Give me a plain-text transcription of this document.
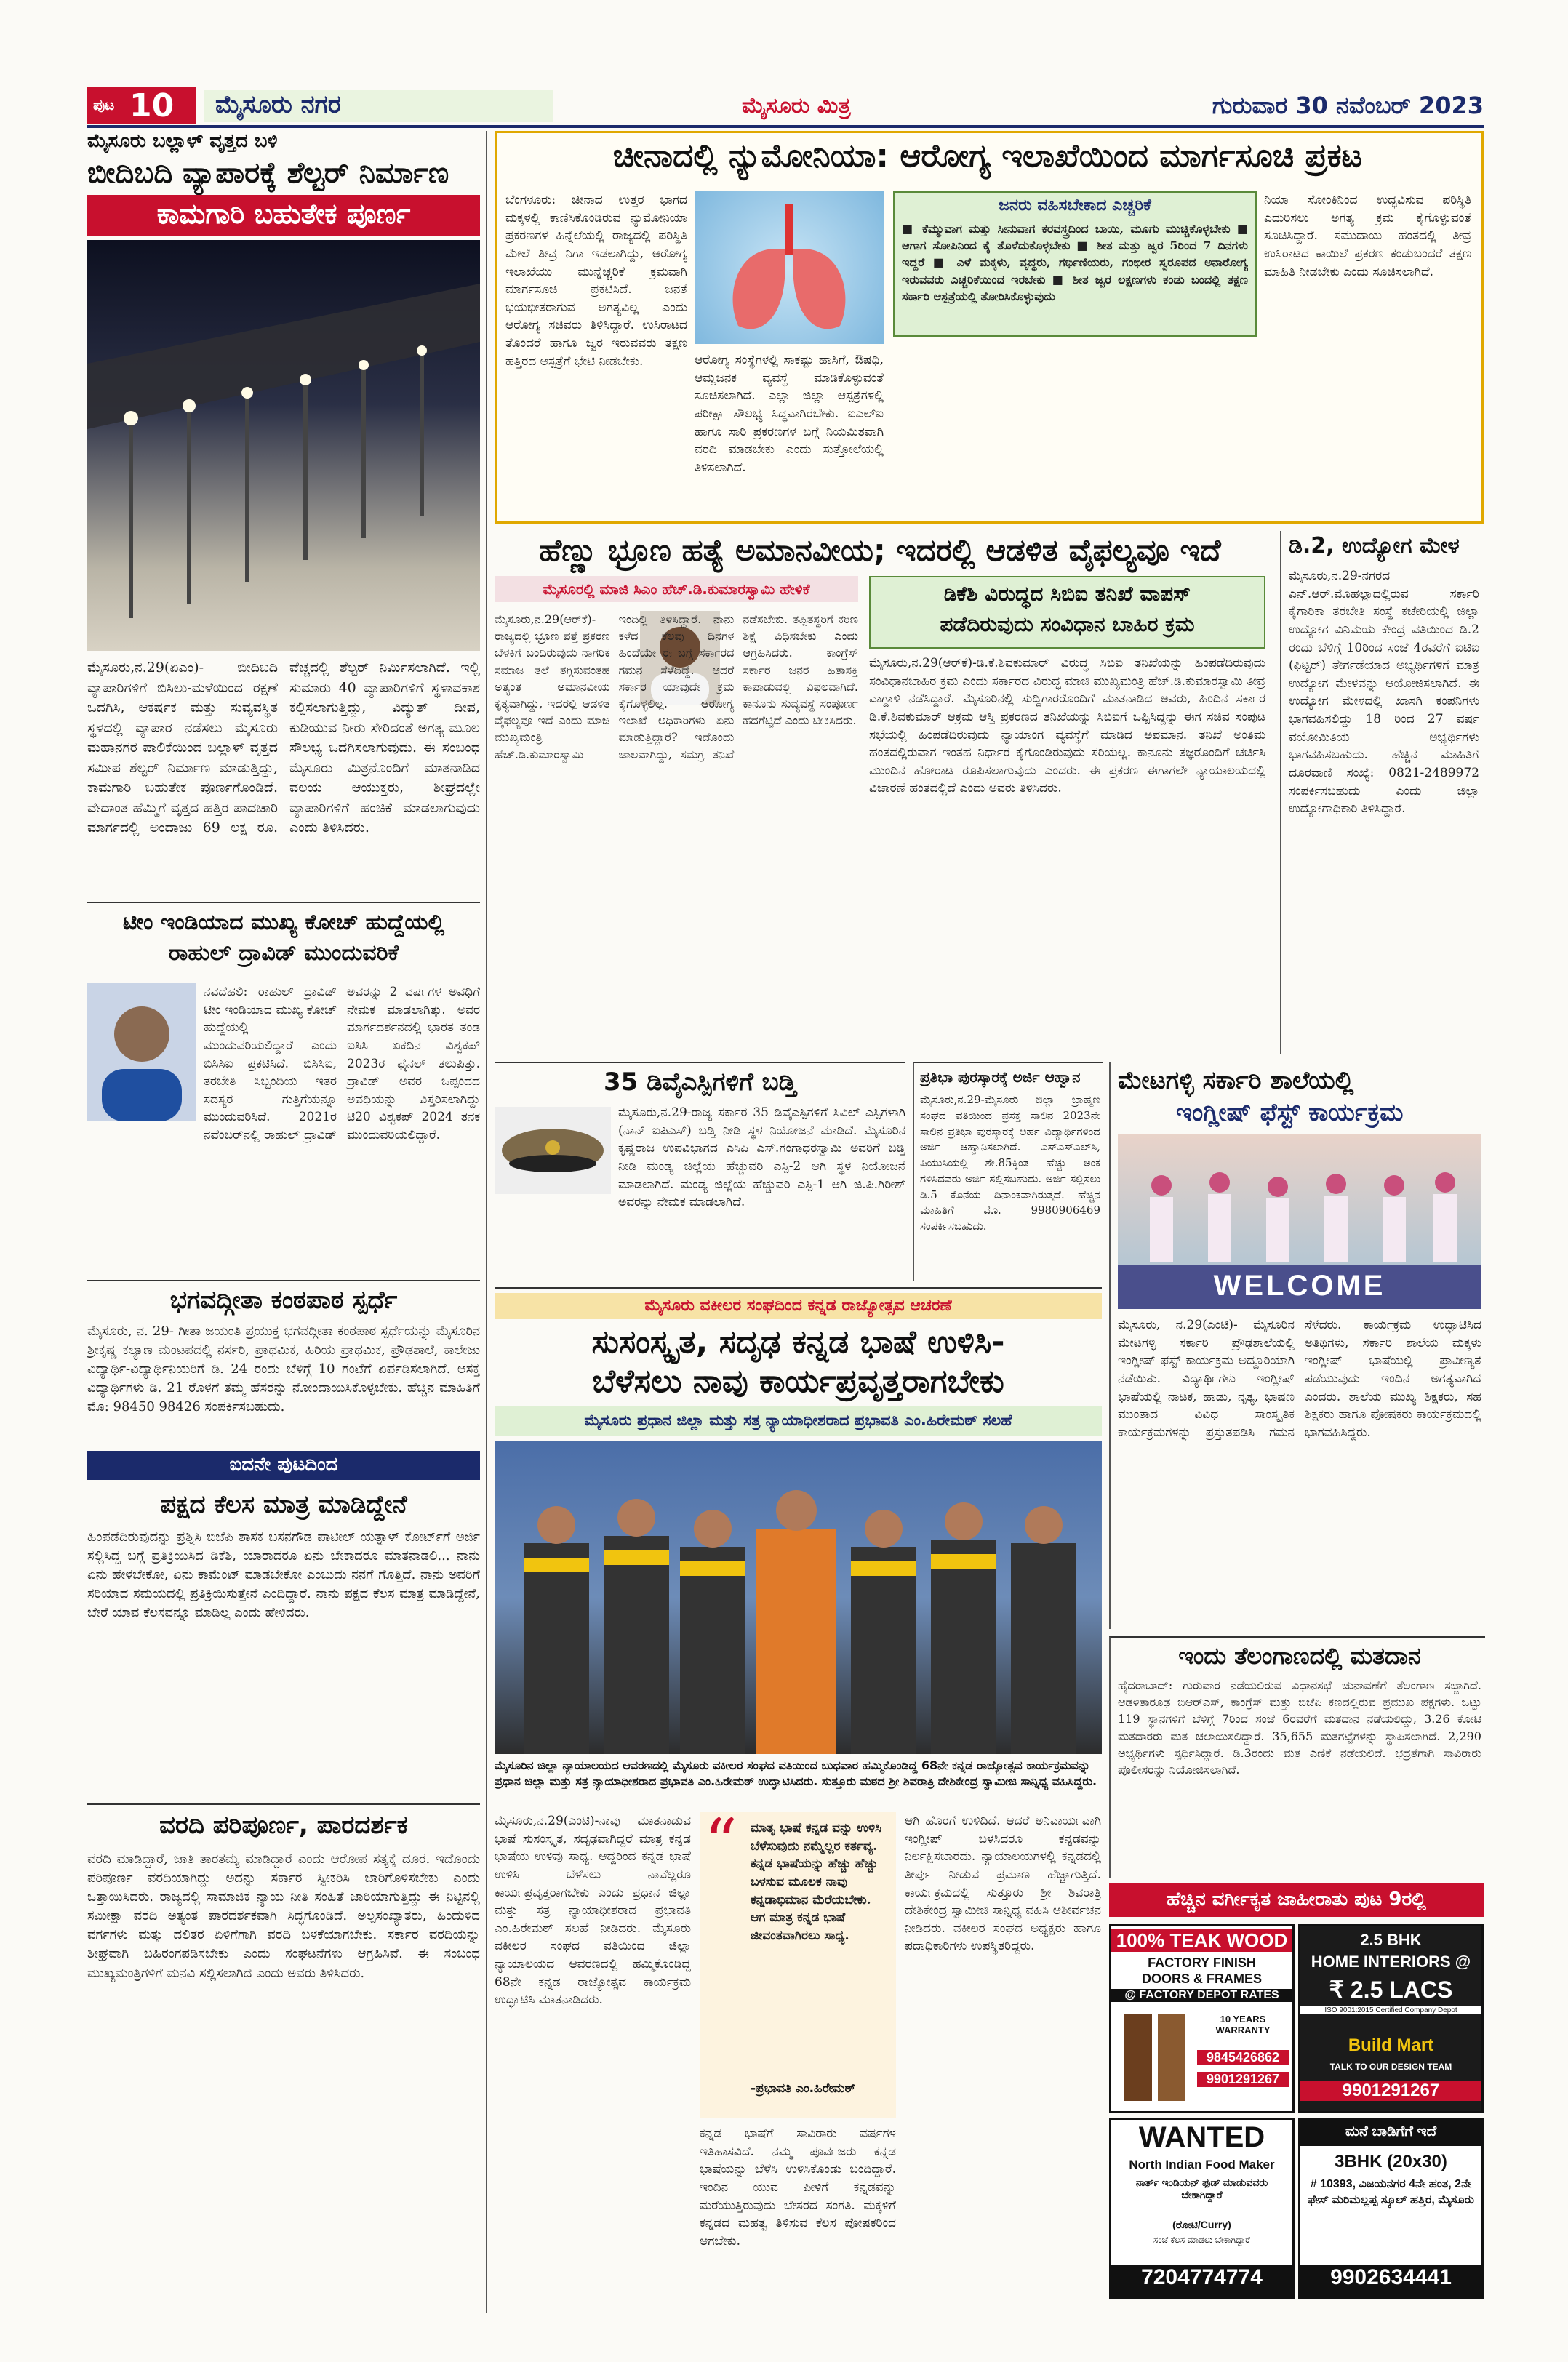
ಪುಟ 10	ಮೈಸೂರು ನಗರ	ಮೈಸೂರು ಮಿತ್ರ	ಗುರುವಾರ 30 ನವೆಂಬರ್ 2023
ಮೈಸೂರು ಬಲ್ಲಾಳ್ ವೃತ್ತದ ಬಳಿ
ಬೀದಿಬದಿ ವ್ಯಾಪಾರಕ್ಕೆ ಶೆಲ್ಟರ್ ನಿರ್ಮಾಣ
ಕಾಮಗಾರಿ ಬಹುತೇಕ ಪೂರ್ಣ
ಮೈಸೂರು,ನ.29(ಏಎಂ)- ಬೀದಿಬದಿ ವ್ಯಾಪಾರಿಗಳಿಗೆ ಬಿಸಿಲು-ಮಳೆಯಿಂದ ರಕ್ಷಣೆ ಒದಗಿಸಿ, ಆಕರ್ಷಕ ಮತ್ತು ಸುವ್ಯವಸ್ಥಿತ ಸ್ಥಳದಲ್ಲಿ ವ್ಯಾಪಾರ ನಡೆಸಲು ಮೈಸೂರು ಮಹಾನಗರ ಪಾಲಿಕೆಯಿಂದ ಬಲ್ಲಾಳ್ ವೃತ್ತದ ಸಮೀಪ ಶೆಲ್ಟರ್ ನಿರ್ಮಾಣ ಮಾಡುತ್ತಿದ್ದು, ಕಾಮಗಾರಿ ಬಹುತೇಕ ಪೂರ್ಣಗೊಂಡಿದೆ. ವೇದಾಂತ ಹೆಮ್ಮಿಗೆ ವೃತ್ತದ ಹತ್ತಿರ ಪಾದಚಾರಿ ಮಾರ್ಗದಲ್ಲಿ ಅಂದಾಜು 69 ಲಕ್ಷ ರೂ. ವೆಚ್ಚದಲ್ಲಿ ಶೆಲ್ಟರ್ ನಿರ್ಮಿಸಲಾಗಿದೆ. ಇಲ್ಲಿ ಸುಮಾರು 40 ವ್ಯಾಪಾರಿಗಳಿಗೆ ಸ್ಥಳಾವಕಾಶ ಕಲ್ಪಿಸಲಾಗುತ್ತಿದ್ದು, ವಿದ್ಯುತ್ ದೀಪ, ಕುಡಿಯುವ ನೀರು ಸೇರಿದಂತೆ ಅಗತ್ಯ ಮೂಲ ಸೌಲಭ್ಯ ಒದಗಿಸಲಾಗುವುದು. ಈ ಸಂಬಂಧ ಮೈಸೂರು ಮಿತ್ರನೊಂದಿಗೆ ಮಾತನಾಡಿದ ವಲಯ ಆಯುಕ್ತರು, ಶೀಘ್ರದಲ್ಲೇ ವ್ಯಾಪಾರಿಗಳಿಗೆ ಹಂಚಿಕೆ ಮಾಡಲಾಗುವುದು ಎಂದು ತಿಳಿಸಿದರು.
ಟೀಂ ಇಂಡಿಯಾದ ಮುಖ್ಯ ಕೋಚ್ ಹುದ್ದೆಯಲ್ಲಿ
ರಾಹುಲ್ ದ್ರಾವಿಡ್ ಮುಂದುವರಿಕೆ
ನವದೆಹಲಿ: ರಾಹುಲ್ ದ್ರಾವಿಡ್ ಟೀಂ ಇಂಡಿಯಾದ ಮುಖ್ಯ ಕೋಚ್ ಹುದ್ದೆಯಲ್ಲಿ ಮುಂದುವರಿಯಲಿದ್ದಾರೆ ಎಂದು ಬಿಸಿಸಿಐ ಪ್ರಕಟಿಸಿದೆ. ಬಿಸಿಸಿಐ, ತರಬೇತಿ ಸಿಬ್ಬಂದಿಯ ಇತರ ಸದಸ್ಯರ ಗುತ್ತಿಗೆಯನ್ನೂ ಮುಂದುವರಿಸಿದೆ. 2021ರ ನವೆಂಬರ್‌ನಲ್ಲಿ ರಾಹುಲ್ ದ್ರಾವಿಡ್ ಅವರನ್ನು 2 ವರ್ಷಗಳ ಅವಧಿಗೆ ನೇಮಕ ಮಾಡಲಾಗಿತ್ತು. ಅವರ ಮಾರ್ಗದರ್ಶನದಲ್ಲಿ ಭಾರತ ತಂಡ ಐಸಿಸಿ ಏಕದಿನ ವಿಶ್ವಕಪ್ 2023ರ ಫೈನಲ್ ತಲುಪಿತ್ತು. ದ್ರಾವಿಡ್ ಅವರ ಒಪ್ಪಂದದ ಅವಧಿಯನ್ನು ವಿಸ್ತರಿಸಲಾಗಿದ್ದು ಟಿ20 ವಿಶ್ವಕಪ್ 2024 ತನಕ ಮುಂದುವರಿಯಲಿದ್ದಾರೆ.
ಭಗವದ್ಗೀತಾ ಕಂಠಪಾಠ ಸ್ಪರ್ಧೆ
ಮೈಸೂರು, ನ. 29- ಗೀತಾ ಜಯಂತಿ ಪ್ರಯುಕ್ತ ಭಗವದ್ಗೀತಾ ಕಂಠಪಾಠ ಸ್ಪರ್ಧೆಯನ್ನು ಮೈಸೂರಿನ ಶ್ರೀಕೃಷ್ಣ ಕಲ್ಯಾಣ ಮಂಟಪದಲ್ಲಿ ನರ್ಸರಿ, ಪ್ರಾಥಮಿಕ, ಹಿರಿಯ ಪ್ರಾಥಮಿಕ, ಪ್ರೌಢಶಾಲೆ, ಕಾಲೇಜು ವಿದ್ಯಾರ್ಥಿ-ವಿದ್ಯಾರ್ಥಿನಿಯರಿಗೆ ಡಿ. 24 ರಂದು ಬೆಳಿಗ್ಗೆ 10 ಗಂಟೆಗೆ ಏರ್ಪಡಿಸಲಾಗಿದೆ. ಆಸಕ್ತ ವಿದ್ಯಾರ್ಥಿಗಳು ಡಿ. 21 ರೊಳಗೆ ತಮ್ಮ ಹೆಸರನ್ನು ನೋಂದಾಯಿಸಿಕೊಳ್ಳಬೇಕು. ಹೆಚ್ಚಿನ ಮಾಹಿತಿಗೆ ಮೊ: 98450 98426 ಸಂಪರ್ಕಿಸಬಹುದು.
ಐದನೇ ಪುಟದಿಂದ
ಪಕ್ಷದ ಕೆಲಸ ಮಾತ್ರ ಮಾಡಿದ್ದೇನೆ
ಹಿಂಪಡೆದಿರುವುದನ್ನು ಪ್ರಶ್ನಿಸಿ ಬಿಜೆಪಿ ಶಾಸಕ ಬಸನಗೌಡ ಪಾಟೀಲ್ ಯತ್ನಾಳ್ ಕೋರ್ಟ್‌ಗೆ ಅರ್ಜಿ ಸಲ್ಲಿಸಿದ್ದ ಬಗ್ಗೆ ಪ್ರತಿಕ್ರಿಯಿಸಿದ ಡಿಕೆಶಿ, ಯಾರಾದರೂ ಏನು ಬೇಕಾದರೂ ಮಾತನಾಡಲಿ... ನಾನು ಏನು ಹೇಳಬೇಕೋ, ಏನು ಕಾಮೆಂಟ್ ಮಾಡಬೇಕೋ ಎಂಬುದು ನನಗೆ ಗೊತ್ತಿದೆ. ನಾನು ಅವರಿಗೆ ಸರಿಯಾದ ಸಮಯದಲ್ಲಿ ಪ್ರತಿಕ್ರಿಯಿಸುತ್ತೇನೆ ಎಂದಿದ್ದಾರೆ. ನಾನು ಪಕ್ಷದ ಕೆಲಸ ಮಾತ್ರ ಮಾಡಿದ್ದೇನೆ, ಬೇರೆ ಯಾವ ಕೆಲಸವನ್ನೂ ಮಾಡಿಲ್ಲ ಎಂದು ಹೇಳಿದರು.
ವರದಿ ಪರಿಪೂರ್ಣ, ಪಾರದರ್ಶಕ
ವರದಿ ಮಾಡಿದ್ದಾರೆ, ಜಾತಿ ತಾರತಮ್ಯ ಮಾಡಿದ್ದಾರೆ ಎಂದು ಆರೋಪ ಸತ್ಯಕ್ಕೆ ದೂರ. ಇದೊಂದು ಪರಿಪೂರ್ಣ ವರದಿಯಾಗಿದ್ದು ಅದನ್ನು ಸರ್ಕಾರ ಸ್ವೀಕರಿಸಿ ಜಾರಿಗೊಳಿಸಬೇಕು ಎಂದು ಒತ್ತಾಯಿಸಿದರು. ರಾಜ್ಯದಲ್ಲಿ ಸಾಮಾಜಿಕ ನ್ಯಾಯ ನೀತಿ ಸಂಹಿತೆ ಜಾರಿಯಾಗುತ್ತಿದ್ದು ಈ ನಿಟ್ಟಿನಲ್ಲಿ ಸಮೀಕ್ಷಾ ವರದಿ ಅತ್ಯಂತ ಪಾರದರ್ಶಕವಾಗಿ ಸಿದ್ಧಗೊಂಡಿದೆ. ಅಲ್ಪಸಂಖ್ಯಾತರು, ಹಿಂದುಳಿದ ವರ್ಗಗಳು ಮತ್ತು ದಲಿತರ ಏಳಿಗೆಗಾಗಿ ವರದಿ ಬಳಕೆಯಾಗಬೇಕು. ಸರ್ಕಾರ ವರದಿಯನ್ನು ಶೀಘ್ರವಾಗಿ ಬಹಿರಂಗಪಡಿಸಬೇಕು ಎಂದು ಸಂಘಟನೆಗಳು ಆಗ್ರಹಿಸಿವೆ. ಈ ಸಂಬಂಧ ಮುಖ್ಯಮಂತ್ರಿಗಳಿಗೆ ಮನವಿ ಸಲ್ಲಿಸಲಾಗಿದೆ ಎಂದು ಅವರು ತಿಳಿಸಿದರು.
ಚೀನಾದಲ್ಲಿ ನ್ಯುಮೋನಿಯಾ: ಆರೋಗ್ಯ ಇಲಾಖೆಯಿಂದ ಮಾರ್ಗಸೂಚಿ ಪ್ರಕಟ
ಬೆಂಗಳೂರು: ಚೀನಾದ ಉತ್ತರ ಭಾಗದ ಮಕ್ಕಳಲ್ಲಿ ಕಾಣಿಸಿಕೊಂಡಿರುವ ನ್ಯುಮೋನಿಯಾ ಪ್ರಕರಣಗಳ ಹಿನ್ನೆಲೆಯಲ್ಲಿ ರಾಜ್ಯದಲ್ಲಿ ಪರಿಸ್ಥಿತಿ ಮೇಲೆ ತೀವ್ರ ನಿಗಾ ಇಡಲಾಗಿದ್ದು, ಆರೋಗ್ಯ ಇಲಾಖೆಯು ಮುನ್ನೆಚ್ಚರಿಕೆ ಕ್ರಮವಾಗಿ ಮಾರ್ಗಸೂಚಿ ಪ್ರಕಟಿಸಿದೆ. ಜನತೆ ಭಯಭೀತರಾಗುವ ಅಗತ್ಯವಿಲ್ಲ ಎಂದು ಆರೋಗ್ಯ ಸಚಿವರು ತಿಳಿಸಿದ್ದಾರೆ. ಉಸಿರಾಟದ ತೊಂದರೆ ಹಾಗೂ ಜ್ವರ ಇರುವವರು ತಕ್ಷಣ ಹತ್ತಿರದ ಆಸ್ಪತ್ರೆಗೆ ಭೇಟಿ ನೀಡಬೇಕು.	ಆರೋಗ್ಯ ಸಂಸ್ಥೆಗಳಲ್ಲಿ ಸಾಕಷ್ಟು ಹಾಸಿಗೆ, ಔಷಧಿ, ಆಮ್ಲಜನಕ ವ್ಯವಸ್ಥೆ ಮಾಡಿಕೊಳ್ಳುವಂತೆ ಸೂಚಿಸಲಾಗಿದೆ. ಎಲ್ಲಾ ಜಿಲ್ಲಾ ಆಸ್ಪತ್ರೆಗಳಲ್ಲಿ ಪರೀಕ್ಷಾ ಸೌಲಭ್ಯ ಸಿದ್ಧವಾಗಿರಬೇಕು. ಐಎಲ್‌ಐ ಹಾಗೂ ಸಾರಿ ಪ್ರಕರಣಗಳ ಬಗ್ಗೆ ನಿಯಮಿತವಾಗಿ ವರದಿ ಮಾಡಬೇಕು ಎಂದು ಸುತ್ತೋಲೆಯಲ್ಲಿ ತಿಳಿಸಲಾಗಿದೆ.
ಜನರು ವಹಿಸಬೇಕಾದ ಎಚ್ಚರಿಕೆ
■ ಕೆಮ್ಮುವಾಗ ಮತ್ತು ಸೀನುವಾಗ ಕರವಸ್ತ್ರದಿಂದ ಬಾಯಿ, ಮೂಗು ಮುಚ್ಚಿಕೊಳ್ಳಬೇಕು ■ ಆಗಾಗ ಸೋಪಿನಿಂದ ಕೈ ತೊಳೆದುಕೊಳ್ಳಬೇಕು ■ ಶೀತ ಮತ್ತು ಜ್ವರ 5ರಿಂದ 7 ದಿನಗಳು ಇದ್ದರೆ ■ ಎಳೆ ಮಕ್ಕಳು, ವೃದ್ಧರು, ಗರ್ಭಿಣಿಯರು, ಗಂಭೀರ ಸ್ವರೂಪದ ಅನಾರೋಗ್ಯ ಇರುವವರು ಎಚ್ಚರಿಕೆಯಿಂದ ಇರಬೇಕು ■ ಶೀತ ಜ್ವರ ಲಕ್ಷಣಗಳು ಕಂಡು ಬಂದಲ್ಲಿ ತಕ್ಷಣ ಸರ್ಕಾರಿ ಆಸ್ಪತ್ರೆಯಲ್ಲಿ ತೋರಿಸಿಕೊಳ್ಳುವುದು
ನಿಯಾ ಸೋಂಕಿನಿಂದ ಉದ್ಭವಿಸುವ ಪರಿಸ್ಥಿತಿ ಎದುರಿಸಲು ಅಗತ್ಯ ಕ್ರಮ ಕೈಗೊಳ್ಳುವಂತೆ ಸೂಚಿಸಿದ್ದಾರೆ. ಸಮುದಾಯ ಹಂತದಲ್ಲಿ ತೀವ್ರ ಉಸಿರಾಟದ ಕಾಯಿಲೆ ಪ್ರಕರಣ ಕಂಡುಬಂದರೆ ತಕ್ಷಣ ಮಾಹಿತಿ ನೀಡಬೇಕು ಎಂದು ಸೂಚಿಸಲಾಗಿದೆ.
ಹೆಣ್ಣು ಭ್ರೂಣ ಹತ್ಯೆ ಅಮಾನವೀಯ; ಇದರಲ್ಲಿ ಆಡಳಿತ ವೈಫಲ್ಯವೂ ಇದೆ
ಮೈಸೂರಲ್ಲಿ ಮಾಜಿ ಸಿಎಂ ಹೆಚ್.ಡಿ.ಕುಮಾರಸ್ವಾಮಿ ಹೇಳಿಕೆ
ಮೈಸೂರು,ನ.29(ಆರ್‌ಕೆ)-ರಾಜ್ಯದಲ್ಲಿ ಭ್ರೂಣ ಪತ್ತೆ ಪ್ರಕರಣ ಬೆಳಕಿಗೆ ಬಂದಿರುವುದು ನಾಗರಿಕ ಸಮಾಜ ತಲೆ ತಗ್ಗಿಸುವಂತಹ ಅತ್ಯಂತ ಅಮಾನವೀಯ ಕೃತ್ಯವಾಗಿದ್ದು, ಇದರಲ್ಲಿ ಆಡಳಿತ ವೈಫಲ್ಯವೂ ಇದೆ ಎಂದು ಮಾಜಿ ಮುಖ್ಯಮಂತ್ರಿ ಹೆಚ್.ಡಿ.ಕುಮಾರಸ್ವಾಮಿ ಇಂದಿಲ್ಲಿ ತಿಳಿಸಿದ್ದಾರೆ. ನಾನು ಕಳೆದ ಕೆಲವು ದಿನಗಳ ಹಿಂದೆಯೇ ಈ ಬಗ್ಗೆ ಸರ್ಕಾರದ ಗಮನ ಸೆಳೆದಿದ್ದೆ. ಆದರೆ ಸರ್ಕಾರ ಯಾವುದೇ ಕ್ರಮ ಕೈಗೊಳ್ಳಲಿಲ್ಲ. ಆರೋಗ್ಯ ಇಲಾಖೆ ಅಧಿಕಾರಿಗಳು ಏನು ಮಾಡುತ್ತಿದ್ದಾರೆ? ಇದೊಂದು ಜಾಲವಾಗಿದ್ದು, ಸಮಗ್ರ ತನಿಖೆ ನಡೆಸಬೇಕು. ತಪ್ಪಿತಸ್ಥರಿಗೆ ಕಠಿಣ ಶಿಕ್ಷೆ ವಿಧಿಸಬೇಕು ಎಂದು ಆಗ್ರಹಿಸಿದರು. ಕಾಂಗ್ರೆಸ್ ಸರ್ಕಾರ ಜನರ ಹಿತಾಸಕ್ತಿ ಕಾಪಾಡುವಲ್ಲಿ ವಿಫಲವಾಗಿದೆ. ಕಾನೂನು ಸುವ್ಯವಸ್ಥೆ ಸಂಪೂರ್ಣ ಹದಗೆಟ್ಟಿದೆ ಎಂದು ಟೀಕಿಸಿದರು.
ಡಿಕೆಶಿ ವಿರುದ್ಧದ ಸಿಬಿಐ ತನಿಖೆ ವಾಪಸ್
ಪಡೆದಿರುವುದು ಸಂವಿಧಾನ ಬಾಹಿರ ಕ್ರಮ
ಮೈಸೂರು,ನ.29(ಆರ್‌ಕೆ)-ಡಿ.ಕೆ.ಶಿವಕುಮಾರ್ ವಿರುದ್ಧ ಸಿಬಿಐ ತನಿಖೆಯನ್ನು ಹಿಂಪಡೆದಿರುವುದು ಸಂವಿಧಾನಬಾಹಿರ ಕ್ರಮ ಎಂದು ಸರ್ಕಾರದ ವಿರುದ್ಧ ಮಾಜಿ ಮುಖ್ಯಮಂತ್ರಿ ಹೆಚ್.ಡಿ.ಕುಮಾರಸ್ವಾಮಿ ತೀವ್ರ ವಾಗ್ದಾಳಿ ನಡೆಸಿದ್ದಾರೆ. ಮೈಸೂರಿನಲ್ಲಿ ಸುದ್ದಿಗಾರರೊಂದಿಗೆ ಮಾತನಾಡಿದ ಅವರು, ಹಿಂದಿನ ಸರ್ಕಾರ ಡಿ.ಕೆ.ಶಿವಕುಮಾರ್ ಆಕ್ರಮ ಆಸ್ತಿ ಪ್ರಕರಣದ ತನಿಖೆಯನ್ನು ಸಿಬಿಐಗೆ ಒಪ್ಪಿಸಿದ್ದನ್ನು ಈಗ ಸಚಿವ ಸಂಪುಟ ಸಭೆಯಲ್ಲಿ ಹಿಂಪಡೆದಿರುವುದು ನ್ಯಾಯಾಂಗ ವ್ಯವಸ್ಥೆಗೆ ಮಾಡಿದ ಅಪಮಾನ. ತನಿಖೆ ಅಂತಿಮ ಹಂತದಲ್ಲಿರುವಾಗ ಇಂತಹ ನಿರ್ಧಾರ ಕೈಗೊಂಡಿರುವುದು ಸರಿಯಲ್ಲ. ಕಾನೂನು ತಜ್ಞರೊಂದಿಗೆ ಚರ್ಚಿಸಿ ಮುಂದಿನ ಹೋರಾಟ ರೂಪಿಸಲಾಗುವುದು ಎಂದರು. ಈ ಪ್ರಕರಣ ಈಗಾಗಲೇ ನ್ಯಾಯಾಲಯದಲ್ಲಿ ವಿಚಾರಣೆ ಹಂತದಲ್ಲಿದೆ ಎಂದು ಅವರು ತಿಳಿಸಿದರು.
ಡಿ.2, ಉದ್ಯೋಗ ಮೇಳ
ಮೈಸೂರು,ನ.29-ನಗರದ ಎನ್.ಆರ್.ಮೊಹಲ್ಲಾದಲ್ಲಿರುವ ಸರ್ಕಾರಿ ಕೈಗಾರಿಕಾ ತರಬೇತಿ ಸಂಸ್ಥೆ ಕಚೇರಿಯಲ್ಲಿ ಜಿಲ್ಲಾ ಉದ್ಯೋಗ ವಿನಿಮಯ ಕೇಂದ್ರ ವತಿಯಿಂದ ಡಿ.2 ರಂದು ಬೆಳಿಗ್ಗೆ 10ರಿಂದ ಸಂಜೆ 4ರವರೆಗೆ ಐಟಿಐ (ಫಿಟ್ಟರ್) ತೇರ್ಗಡೆಯಾದ ಅಭ್ಯರ್ಥಿಗಳಿಗೆ ಮಾತ್ರ ಉದ್ಯೋಗ ಮೇಳವನ್ನು ಆಯೋಜಿಸಲಾಗಿದೆ. ಈ ಉದ್ಯೋಗ ಮೇಳದಲ್ಲಿ ಖಾಸಗಿ ಕಂಪನಿಗಳು ಭಾಗವಹಿಸಲಿದ್ದು 18 ರಿಂದ 27 ವರ್ಷ ವಯೋಮಿತಿಯ ಅಭ್ಯರ್ಥಿಗಳು ಭಾಗವಹಿಸಬಹುದು. ಹೆಚ್ಚಿನ ಮಾಹಿತಿಗೆ ದೂರವಾಣಿ ಸಂಖ್ಯೆ: 0821-2489972 ಸಂಪರ್ಕಿಸಬಹುದು ಎಂದು ಜಿಲ್ಲಾ ಉದ್ಯೋಗಾಧಿಕಾರಿ ತಿಳಿಸಿದ್ದಾರೆ.
35 ಡಿವೈಎಸ್ಪಿಗಳಿಗೆ ಬಡ್ತಿ
ಮೈಸೂರು,ನ.29-ರಾಜ್ಯ ಸರ್ಕಾರ 35 ಡಿವೈಎಸ್ಪಿಗಳಿಗೆ ಸಿವಿಲ್ ಎಸ್ಪಿಗಳಾಗಿ (ನಾನ್ ಐಪಿಎಸ್) ಬಡ್ತಿ ನೀಡಿ ಸ್ಥಳ ನಿಯೋಜನೆ ಮಾಡಿದೆ. ಮೈಸೂರಿನ ಕೃಷ್ಣರಾಜ ಉಪವಿಭಾಗದ ಎಸಿಪಿ ಎಸ್.ಗಂಗಾಧರಸ್ವಾಮಿ ಅವರಿಗೆ ಬಡ್ತಿ ನೀಡಿ ಮಂಡ್ಯ ಜಿಲ್ಲೆಯ ಹೆಚ್ಚುವರಿ ಎಸ್ಪಿ-2 ಆಗಿ ಸ್ಥಳ ನಿಯೋಜನೆ ಮಾಡಲಾಗಿದೆ. ಮಂಡ್ಯ ಜಿಲ್ಲೆಯ ಹೆಚ್ಚುವರಿ ಎಸ್ಪಿ-1 ಆಗಿ ಜಿ.ಪಿ.ಗಿರೀಶ್ ಅವರನ್ನು ನೇಮಕ ಮಾಡಲಾಗಿದೆ.
ಪ್ರತಿಭಾ ಪುರಸ್ಕಾರಕ್ಕೆ ಅರ್ಜಿ ಆಹ್ವಾನ
ಮೈಸೂರು,ನ.29-ಮೈಸೂರು ಜಿಲ್ಲಾ ಬ್ರಾಹ್ಮಣ ಸಂಘದ ವತಿಯಿಂದ ಪ್ರಸಕ್ತ ಸಾಲಿನ 2023ನೇ ಸಾಲಿನ ಪ್ರತಿಭಾ ಪುರಸ್ಕಾರಕ್ಕೆ ಅರ್ಹ ವಿದ್ಯಾರ್ಥಿಗಳಿಂದ ಅರ್ಜಿ ಆಹ್ವಾನಿಸಲಾಗಿದೆ. ಎಸ್‌ಎಸ್‌ಎಲ್‌ಸಿ, ಪಿಯುಸಿಯಲ್ಲಿ ಶೇ.85ಕ್ಕಿಂತ ಹೆಚ್ಚು ಅಂಕ ಗಳಿಸಿದವರು ಅರ್ಜಿ ಸಲ್ಲಿಸಬಹುದು. ಅರ್ಜಿ ಸಲ್ಲಿಸಲು ಡಿ.5 ಕೊನೆಯ ದಿನಾಂಕವಾಗಿರುತ್ತದೆ. ಹೆಚ್ಚಿನ ಮಾಹಿತಿಗೆ ಮೊ. 9980906469 ಸಂಪರ್ಕಿಸಬಹುದು.
ಮೇಟಗಳ್ಳಿ ಸರ್ಕಾರಿ ಶಾಲೆಯಲ್ಲಿ
ಇಂಗ್ಲೀಷ್ ಫೆಸ್ಟ್ ಕಾರ್ಯಕ್ರಮ
WELCOME
ಮೈಸೂರು, ನ.29(ಎಂಟಿ)- ಮೈಸೂರಿನ ಮೇಟಗಳ್ಳಿ ಸರ್ಕಾರಿ ಪ್ರೌಢಶಾಲೆಯಲ್ಲಿ ಇಂಗ್ಲೀಷ್ ಫೆಸ್ಟ್ ಕಾರ್ಯಕ್ರಮ ಅದ್ದೂರಿಯಾಗಿ ನಡೆಯಿತು. ವಿದ್ಯಾರ್ಥಿಗಳು ಇಂಗ್ಲೀಷ್ ಭಾಷೆಯಲ್ಲಿ ನಾಟಕ, ಹಾಡು, ನೃತ್ಯ, ಭಾಷಣ ಮುಂತಾದ ವಿವಿಧ ಸಾಂಸ್ಕೃತಿಕ ಕಾರ್ಯಕ್ರಮಗಳನ್ನು ಪ್ರಸ್ತುತಪಡಿಸಿ ಗಮನ ಸೆಳೆದರು. ಕಾರ್ಯಕ್ರಮ ಉದ್ಘಾಟಿಸಿದ ಅತಿಥಿಗಳು, ಸರ್ಕಾರಿ ಶಾಲೆಯ ಮಕ್ಕಳು ಇಂಗ್ಲೀಷ್ ಭಾಷೆಯಲ್ಲಿ ಪ್ರಾವೀಣ್ಯತೆ ಪಡೆಯುವುದು ಇಂದಿನ ಅಗತ್ಯವಾಗಿದೆ ಎಂದರು. ಶಾಲೆಯ ಮುಖ್ಯ ಶಿಕ್ಷಕರು, ಸಹ ಶಿಕ್ಷಕರು ಹಾಗೂ ಪೋಷಕರು ಕಾರ್ಯಕ್ರಮದಲ್ಲಿ ಭಾಗವಹಿಸಿದ್ದರು.
ಮೈಸೂರು ವಕೀಲರ ಸಂಘದಿಂದ ಕನ್ನಡ ರಾಜ್ಯೋತ್ಸವ ಆಚರಣೆ
ಸುಸಂಸ್ಕೃತ, ಸದೃಢ ಕನ್ನಡ ಭಾಷೆ ಉಳಿಸಿ-
ಬೆಳೆಸಲು ನಾವು ಕಾರ್ಯಪ್ರವೃತ್ತರಾಗಬೇಕು
ಮೈಸೂರು ಪ್ರಧಾನ ಜಿಲ್ಲಾ ಮತ್ತು ಸತ್ರ ನ್ಯಾಯಾಧೀಶರಾದ ಪ್ರಭಾವತಿ ಎಂ.ಹಿರೇಮಠ್ ಸಲಹೆ
ಮೈಸೂರಿನ ಜಿಲ್ಲಾ ನ್ಯಾಯಾಲಯದ ಆವರಣದಲ್ಲಿ ಮೈಸೂರು ವಕೀಲರ ಸಂಘದ ವತಿಯಿಂದ ಬುಧವಾರ ಹಮ್ಮಿಕೊಂಡಿದ್ದ 68ನೇ ಕನ್ನಡ ರಾಜ್ಯೋತ್ಸವ ಕಾರ್ಯಕ್ರಮವನ್ನು ಪ್ರಧಾನ ಜಿಲ್ಲಾ ಮತ್ತು ಸತ್ರ ನ್ಯಾಯಾಧೀಶರಾದ ಪ್ರಭಾವತಿ ಎಂ.ಹಿರೇಮಠ್ ಉದ್ಘಾಟಿಸಿದರು. ಸುತ್ತೂರು ಮಠದ ಶ್ರೀ ಶಿವರಾತ್ರಿ ದೇಶಿಕೇಂದ್ರ ಸ್ವಾಮೀಜಿ ಸಾನ್ನಿಧ್ಯ ವಹಿಸಿದ್ದರು.
ಮೈಸೂರು,ನ.29(ಎಂಟಿ)-ನಾವು ಮಾತನಾಡುವ ಭಾಷೆ ಸುಸಂಸ್ಕೃತ, ಸದೃಢವಾಗಿದ್ದರೆ ಮಾತ್ರ ಕನ್ನಡ ಭಾಷೆಯ ಉಳಿವು ಸಾಧ್ಯ. ಆದ್ದರಿಂದ ಕನ್ನಡ ಭಾಷೆ ಉಳಿಸಿ ಬೆಳೆಸಲು ನಾವೆಲ್ಲರೂ ಕಾರ್ಯಪ್ರವೃತ್ತರಾಗಬೇಕು ಎಂದು ಪ್ರಧಾನ ಜಿಲ್ಲಾ ಮತ್ತು ಸತ್ರ ನ್ಯಾಯಾಧೀಶರಾದ ಪ್ರಭಾವತಿ ಎಂ.ಹಿರೇಮಠ್ ಸಲಹೆ ನೀಡಿದರು. ಮೈಸೂರು ವಕೀಲರ ಸಂಘದ ವತಿಯಿಂದ ಜಿಲ್ಲಾ ನ್ಯಾಯಾಲಯದ ಆವರಣದಲ್ಲಿ ಹಮ್ಮಿಕೊಂಡಿದ್ದ 68ನೇ ಕನ್ನಡ ರಾಜ್ಯೋತ್ಸವ ಕಾರ್ಯಕ್ರಮ ಉದ್ಘಾಟಿಸಿ ಮಾತನಾಡಿದರು.
“ ಮಾತೃ ಭಾಷೆ ಕನ್ನಡ ವನ್ನು ಉಳಿಸಿ ಬೆಳೆಸುವುದು ನಮ್ಮೆಲ್ಲರ ಕರ್ತವ್ಯ. ಕನ್ನಡ ಭಾಷೆಯನ್ನು ಹೆಚ್ಚು ಹೆಚ್ಚು ಬಳಸುವ ಮೂಲಕ ನಾವು ಕನ್ನಡಾಭಿಮಾನ ಮೆರೆಯಬೇಕು. ಆಗ ಮಾತ್ರ ಕನ್ನಡ ಭಾಷೆ ಜೀವಂತವಾಗಿರಲು ಸಾಧ್ಯ.
-ಪ್ರಭಾವತಿ ಎಂ.ಹಿರೇಮಠ್
ಕನ್ನಡ ಭಾಷೆಗೆ ಸಾವಿರಾರು ವರ್ಷಗಳ ಇತಿಹಾಸವಿದೆ. ನಮ್ಮ ಪೂರ್ವಜರು ಕನ್ನಡ ಭಾಷೆಯನ್ನು ಬೆಳೆಸಿ ಉಳಿಸಿಕೊಂಡು ಬಂದಿದ್ದಾರೆ. ಇಂದಿನ ಯುವ ಪೀಳಿಗೆ ಕನ್ನಡವನ್ನು ಮರೆಯುತ್ತಿರುವುದು ಬೇಸರದ ಸಂಗತಿ. ಮಕ್ಕಳಿಗೆ ಕನ್ನಡದ ಮಹತ್ವ ತಿಳಿಸುವ ಕೆಲಸ ಪೋಷಕರಿಂದ ಆಗಬೇಕು.
ಆಗಿ ಹೊರಗೆ ಉಳಿದಿದೆ. ಆದರೆ ಅನಿವಾರ್ಯವಾಗಿ ಇಂಗ್ಲೀಷ್ ಬಳಸಿದರೂ ಕನ್ನಡವನ್ನು ನಿರ್ಲಕ್ಷಿಸಬಾರದು. ನ್ಯಾಯಾಲಯಗಳಲ್ಲಿ ಕನ್ನಡದಲ್ಲಿ ತೀರ್ಪು ನೀಡುವ ಪ್ರಮಾಣ ಹೆಚ್ಚಾಗುತ್ತಿದೆ. ಕಾರ್ಯಕ್ರಮದಲ್ಲಿ ಸುತ್ತೂರು ಶ್ರೀ ಶಿವರಾತ್ರಿ ದೇಶಿಕೇಂದ್ರ ಸ್ವಾಮೀಜಿ ಸಾನ್ನಿಧ್ಯ ವಹಿಸಿ ಆಶೀರ್ವಚನ ನೀಡಿದರು. ವಕೀಲರ ಸಂಘದ ಅಧ್ಯಕ್ಷರು ಹಾಗೂ ಪದಾಧಿಕಾರಿಗಳು ಉಪಸ್ಥಿತರಿದ್ದರು.
ಇಂದು ತೆಲಂಗಾಣದಲ್ಲಿ ಮತದಾನ
ಹೈದರಾಬಾದ್: ಗುರುವಾರ ನಡೆಯಲಿರುವ ವಿಧಾನಸಭೆ ಚುನಾವಣೆಗೆ ತೆಲಂಗಾಣ ಸಜ್ಜಾಗಿದೆ. ಆಡಳಿತಾರೂಢ ಬಿಆರ್‌ಎಸ್, ಕಾಂಗ್ರೆಸ್ ಮತ್ತು ಬಿಜೆಪಿ ಕಣದಲ್ಲಿರುವ ಪ್ರಮುಖ ಪಕ್ಷಗಳು. ಒಟ್ಟು 119 ಸ್ಥಾನಗಳಿಗೆ ಬೆಳಿಗ್ಗೆ 7ರಿಂದ ಸಂಜೆ 6ರವರೆಗೆ ಮತದಾನ ನಡೆಯಲಿದ್ದು, 3.26 ಕೋಟಿ ಮತದಾರರು ಮತ ಚಲಾಯಿಸಲಿದ್ದಾರೆ. 35,655 ಮತಗಟ್ಟೆಗಳನ್ನು ಸ್ಥಾಪಿಸಲಾಗಿದೆ. 2,290 ಅಭ್ಯರ್ಥಿಗಳು ಸ್ಪರ್ಧಿಸಿದ್ದಾರೆ. ಡಿ.3ರಂದು ಮತ ಎಣಿಕೆ ನಡೆಯಲಿದೆ. ಭದ್ರತೆಗಾಗಿ ಸಾವಿರಾರು ಪೊಲೀಸರನ್ನು ನಿಯೋಜಿಸಲಾಗಿದೆ.
ಹೆಚ್ಚಿನ ವರ್ಗೀಕೃತ ಜಾಹೀರಾತು ಪುಟ 9ರಲ್ಲಿ
100% TEAK WOOD
FACTORY FINISH
DOORS & FRAMES
@ FACTORY DEPOT RATES
10 YEARS WARRANTY
9845426862
9901291267
2.5 BHK
HOME INTERIORS @
₹ 2.5 LACS
ISO 9001:2015 Certified Company Depot
Build Mart
TALK TO OUR DESIGN TEAM
9901291267
WANTED
North Indian Food Maker
ನಾರ್ತ್ ಇಂಡಿಯನ್ ಫುಡ್ ಮಾಡುವವರು ಬೇಕಾಗಿದ್ದಾರೆ
(ರೋಟಿ/Curry)
ಸಂಜೆ ಕೆಲಸ ಮಾಡಲು ಬೇಕಾಗಿದ್ದಾರೆ
7204774774
ಮನೆ ಬಾಡಿಗೆಗೆ ಇದೆ
3BHK (20x30)
# 10393, ವಿಜಯನಗರ 4ನೇ ಹಂತ, 2ನೇ ಫೇಸ್ ಮರಿಮಲ್ಲಪ್ಪ ಸ್ಕೂಲ್ ಹತ್ತಿರ, ಮೈಸೂರು
9902634441
